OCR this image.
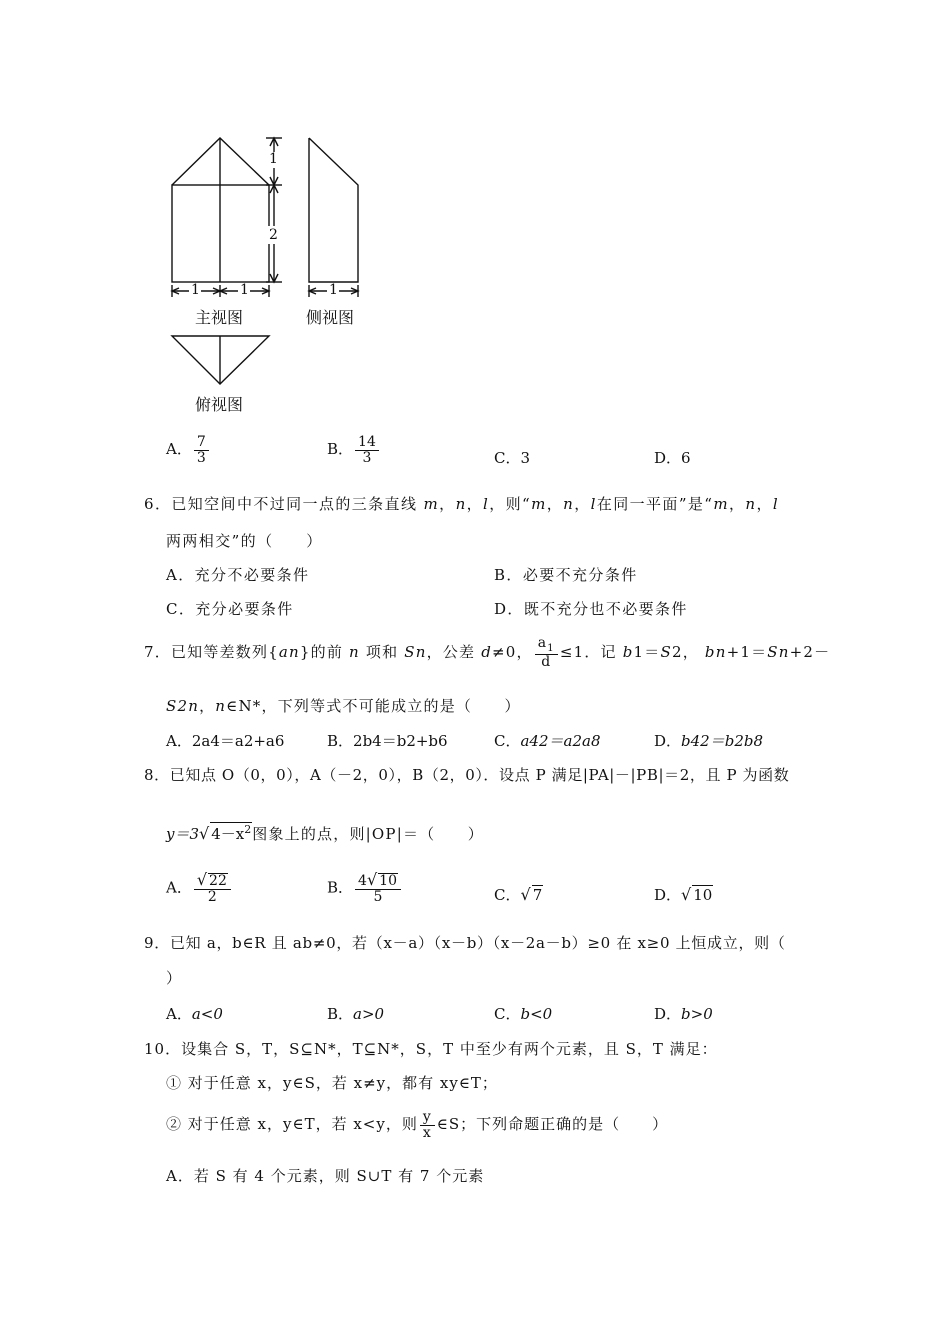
1
2
1	1	1
主视图	侧视图
俯视图
A． $\frac{7}{3}$	B． $\frac{14}{3}$	C．3	D．6
6．已知空间中不过同一点的三条直线 m，n，l，则“m，n，l在同一平面”是“m，n，l
两两相交”的（　　）
A．充分不必要条件	B．必要不充分条件
C．充分必要条件	D．既不充分也不必要条件
7．已知等差数列{an}的前 n 项和 Sn，公差 d≠0， $\frac{a_1}{d} \le 1$．记 b1＝S2， bn+1＝Sn+2－
S2n，n∈N*，下列等式不可能成立的是（　　）
A．2a4＝a2+a6	B．2b4＝b2+b6	C．a42＝a2a8	D．b42＝b2b8
8．已知点 O（0，0），A（－2，0），B（2，0）．设点 P 满足|PA|－|PB|＝2，且 P 为函数
y＝3√ $4-x^2$图象上的点，则|OP|＝（　　）
A． $\frac{√ 22}{2}$	B． $\frac{4√ 10}{5}$	C．√ 7	D．√ 10
9．已知 a，b∈R 且 ab≠0，若（x－a）（x－b）（x－2a－b）≥0 在 x≥0 上恒成立，则（
）
A．a<0	B．a>0	C．b<0	D．b>0
10．设集合 S，T，S⊆N*，T⊆N*，S，T 中至少有两个元素，且 S，T 满足：
① 对于任意 x，y∈S，若 x≠y，都有 xy∈T；
② 对于任意 x，y∈T，若 x<y，则 $\frac{y}{x}$ ∈S；下列命题正确的是（　　）
A．若 S 有 4 个元素，则 S∪T 有 7 个元素
